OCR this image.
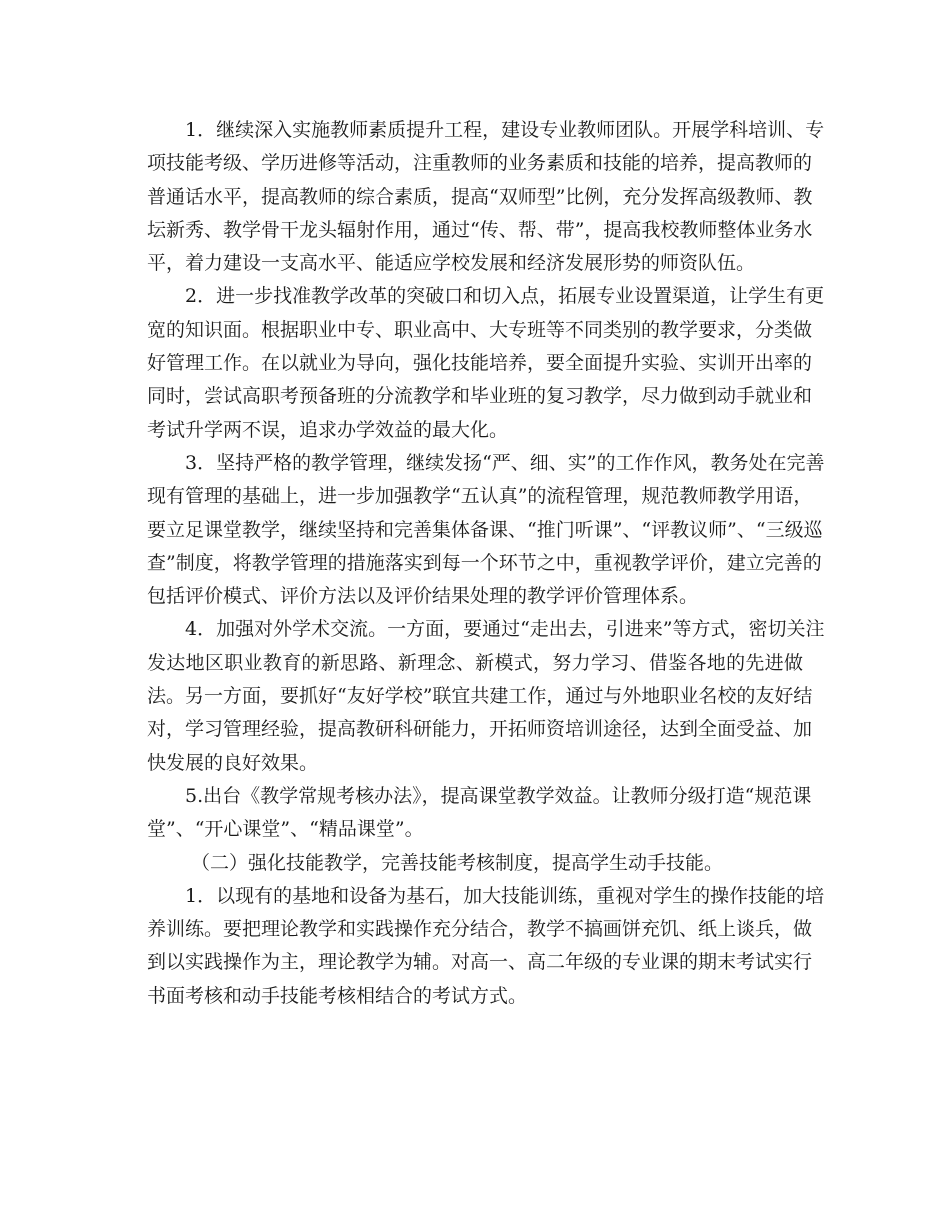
1．继续深入实施教师素质提升工程，建设专业教师团队。开展学科培训、专
项技能考级、学历进修等活动，注重教师的业务素质和技能的培养，提高教师的
普通话水平，提高教师的综合素质，提高“双师型”比例，充分发挥高级教师、教
坛新秀、教学骨干龙头辐射作用，通过“传、帮、带”，提高我校教师整体业务水
平，着力建设一支高水平、能适应学校发展和经济发展形势的师资队伍。
2．进一步找准教学改革的突破口和切入点，拓展专业设置渠道，让学生有更
宽的知识面。根据职业中专、职业高中、大专班等不同类别的教学要求，分类做
好管理工作。在以就业为导向，强化技能培养，要全面提升实验、实训开出率的
同时，尝试高职考预备班的分流教学和毕业班的复习教学，尽力做到动手就业和
考试升学两不误，追求办学效益的最大化。
3．坚持严格的教学管理，继续发扬“严、细、实”的工作作风，教务处在完善
现有管理的基础上，进一步加强教学“五认真”的流程管理，规范教师教学用语，
要立足课堂教学，继续坚持和完善集体备课、“推门听课”、“评教议师”、“三级巡
查”制度，将教学管理的措施落实到每一个环节之中，重视教学评价，建立完善的
包括评价模式、评价方法以及评价结果处理的教学评价管理体系。
4．加强对外学术交流。一方面，要通过“走出去，引进来”等方式，密切关注
发达地区职业教育的新思路、新理念、新模式，努力学习、借鉴各地的先进做
法。另一方面，要抓好“友好学校”联宜共建工作，通过与外地职业名校的友好结
对，学习管理经验，提高教研科研能力，开拓师资培训途径，达到全面受益、加
快发展的良好效果。
5.出台《教学常规考核办法》，提高课堂教学效益。让教师分级打造“规范课
堂”、“开心课堂”、“精品课堂”。
（二）强化技能教学，完善技能考核制度，提高学生动手技能。
1．以现有的基地和设备为基石，加大技能训练，重视对学生的操作技能的培
养训练。要把理论教学和实践操作充分结合，教学不搞画饼充饥、纸上谈兵，做
到以实践操作为主，理论教学为辅。对高一、高二年级的专业课的期末考试实行
书面考核和动手技能考核相结合的考试方式。
